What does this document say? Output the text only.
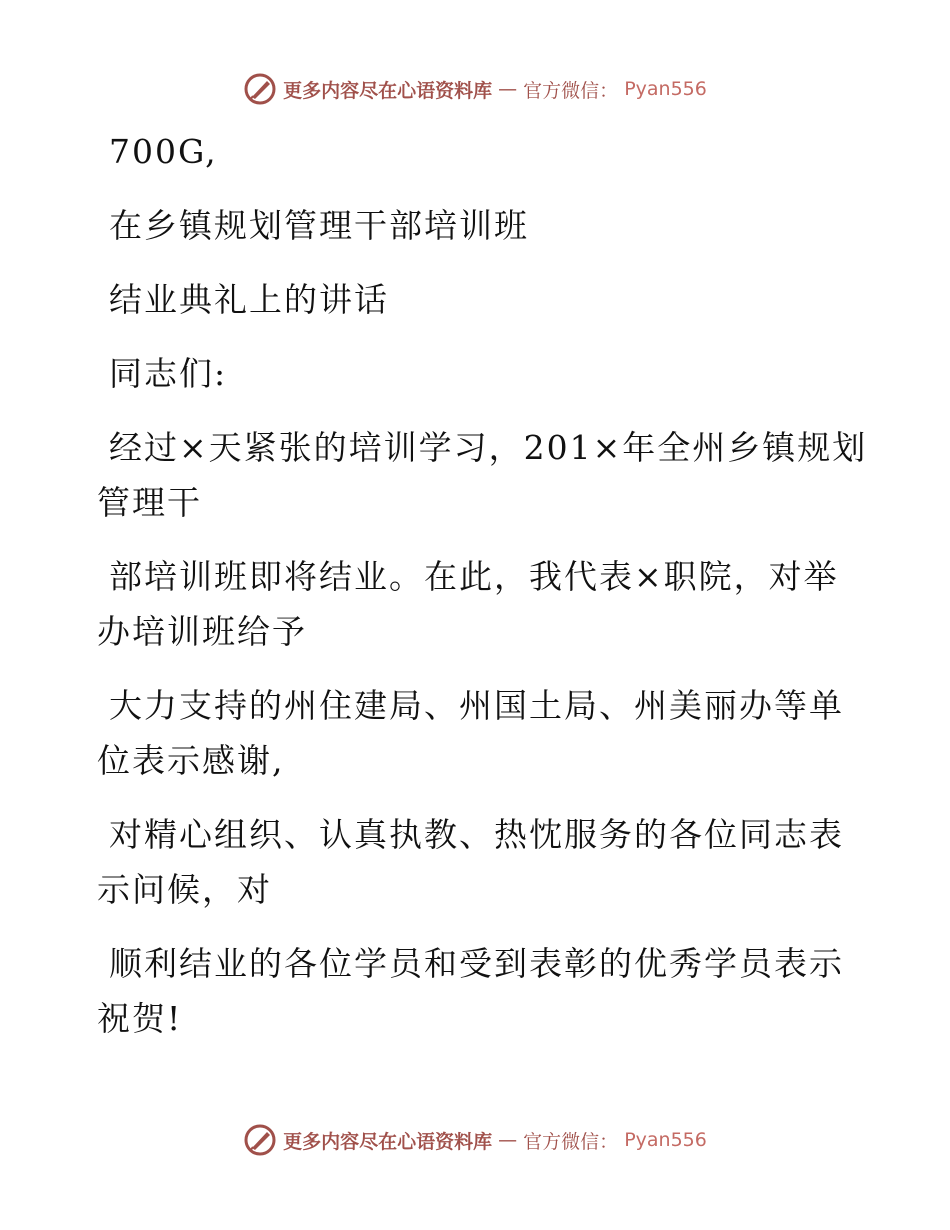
更多内容尽在心语资料库 — 官方微信： Pyan556
700G,
在乡镇规划管理干部培训班
结业典礼上的讲话
同志们:
经过×天紧张的培训学习，201×年全州乡镇规划
管理干
部培训班即将结业。在此，我代表×职院，对举
办培训班给予
大力支持的州住建局、州国土局、州美丽办等单
位表示感谢,
对精心组织、认真执教、热忱服务的各位同志表
示问候，对
顺利结业的各位学员和受到表彰的优秀学员表示
祝贺!
更多内容尽在心语资料库 — 官方微信： Pyan556
